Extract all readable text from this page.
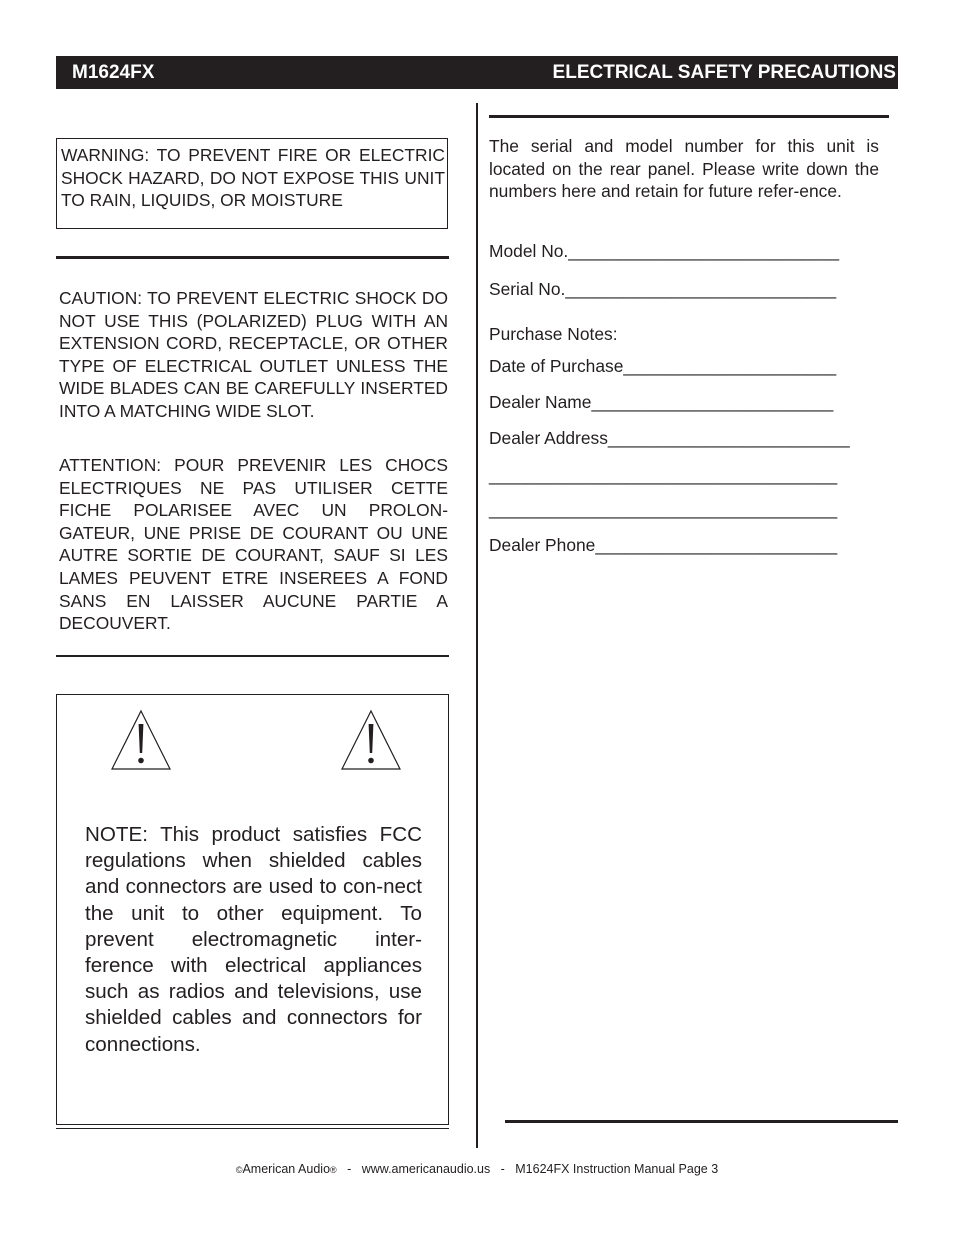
M1624FX	ELECTRICAL SAFETY PRECAUTIONS

WARNING: TO PREVENT FIRE OR ELECTRIC SHOCK HAZARD, DO NOT EXPOSE THIS UNIT TO RAIN, LIQUIDS, OR MOISTURE

CAUTION: TO PREVENT ELECTRIC SHOCK DO NOT USE THIS (POLARIZED) PLUG WITH AN EXTENSION CORD, RECEPTACLE, OR OTHER TYPE OF ELECTRICAL OUTLET UNLESS THE WIDE BLADES CAN BE CAREFULLY INSERTED INTO A MATCHING WIDE SLOT.

ATTENTION: POUR PREVENIR LES CHOCS ELECTRIQUES NE PAS UTILISER CETTE FICHE POLARISEE AVEC UN PROLON-GATEUR, UNE PRISE DE COURANT OU UNE AUTRE SORTIE DE COURANT, SAUF SI LES LAMES PEUVENT ETRE INSEREES A FOND SANS EN LAISSER AUCUNE PARTIE A DECOUVERT.

NOTE: This product satisfies FCC regulations when shielded cables and connectors are used to con-nect the unit to other equipment. To prevent electromagnetic inter-ference with electrical appliances such as radios and televisions, use shielded cables and connectors for connections.

The serial and model number for this unit is located on the rear panel. Please write down the numbers here and retain for future refer-ence.

Model No.____________________________
Serial No.____________________________
Purchase Notes:
Date of Purchase______________________
Dealer Name_________________________
Dealer Address_________________________
____________________________________
____________________________________
Dealer Phone_________________________
©American Audio® - www.americanaudio.us - M1624FX Instruction Manual Page 3
